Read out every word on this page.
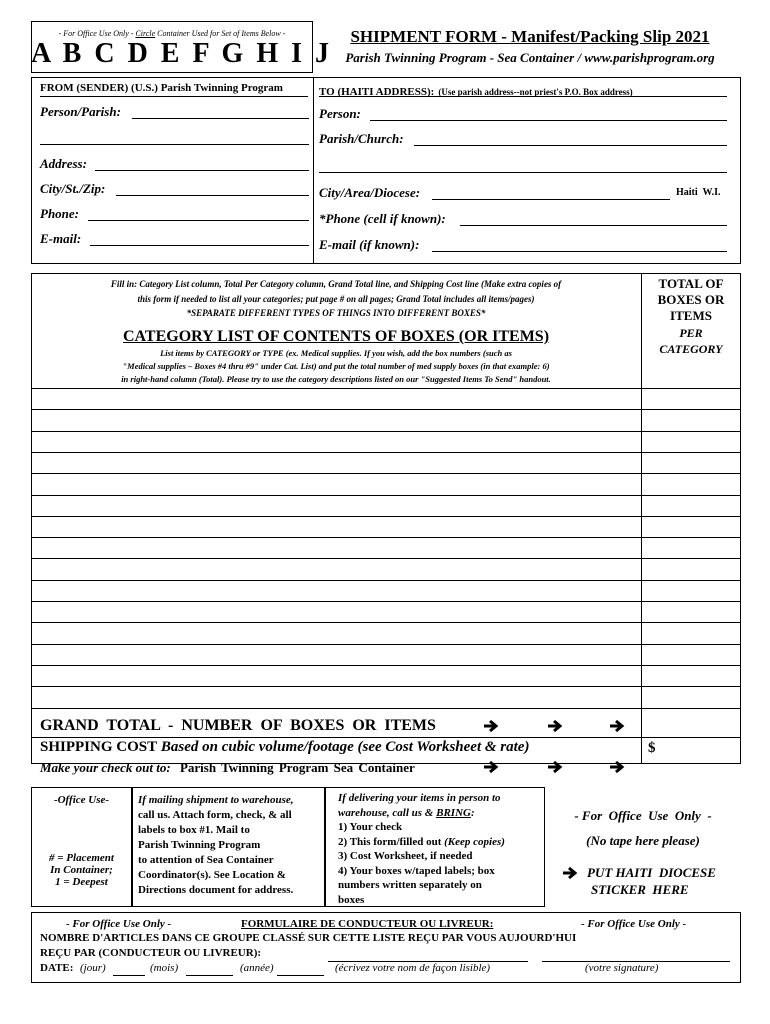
- For Office Use Only - Circle Container Used for Set of Items Below -
A B C D E F G H I J
SHIPMENT FORM - Manifest/Packing Slip 2021
Parish Twinning Program - Sea Container / www.parishprogram.org
FROM (SENDER) (U.S.) Parish Twinning Program
Person/Parish:
Address:
City/St./Zip:
Phone:
E-mail:
TO (HAITI ADDRESS): (Use parish address--not priest's P.O. Box address)
Person:
Parish/Church:
City/Area/Diocese:	Haiti  W.I.
*Phone (cell if known):
E-mail (if known):
Fill in: Category List column, Total Per Category column, Grand Total line, and Shipping Cost line (Make extra copies of
this form if needed to list all your categories; put page # on all pages; Grand Total includes all items/pages)
*SEPARATE DIFFERENT TYPES OF THINGS INTO DIFFERENT BOXES*
CATEGORY LIST OF CONTENTS OF BOXES (OR ITEMS)
List items by CATEGORY or TYPE (ex. Medical supplies. If you wish, add the box numbers (such as
"Medical supplies – Boxes #4 thru #9" under Cat. List) and put the total number of med supply boxes (in that example: 6)
in right-hand column (Total). Please try to use the category descriptions listed on our "Suggested Items To Send" handout.
TOTAL OF BOXES OR ITEMS
PER CATEGORY
GRAND  TOTAL  -  NUMBER  OF  BOXES  OR  ITEMS
SHIPPING COST Based on cubic volume/footage (see Cost Worksheet & rate)	$
Make your check out to: Parish Twinning Program Sea Container
-Office Use-
# = Placement
In Container;
1 = Deepest
If mailing shipment to warehouse,
call us. Attach form, check, & all
labels to box #1. Mail to
Parish Twinning Program
to attention of Sea Container
Coordinator(s). See Location &
Directions document for address.
If delivering your items in person to
warehouse, call us & BRING:
1) Your check
2) This form/filled out (Keep copies)
3) Cost Worksheet, if needed
4) Your boxes w/taped labels; box
numbers written separately on
boxes
- For  Office  Use  Only  -
(No tape here please)
PUT HAITI  DIOCESE
STICKER  HERE
- For Office Use Only -	FORMULAIRE DE CONDUCTEUR OU LIVREUR:	- For Office Use Only -
NOMBRE D'ARTICLES DANS CE GROUPE CLASSÉ SUR CETTE LISTE REÇU PAR VOUS AUJOURD'HUI
REÇU PAR (CONDUCTEUR OU LIVREUR):
DATE: (jour)	(mois)	(année)	(écrivez votre nom de façon lisible)	(votre signature)
